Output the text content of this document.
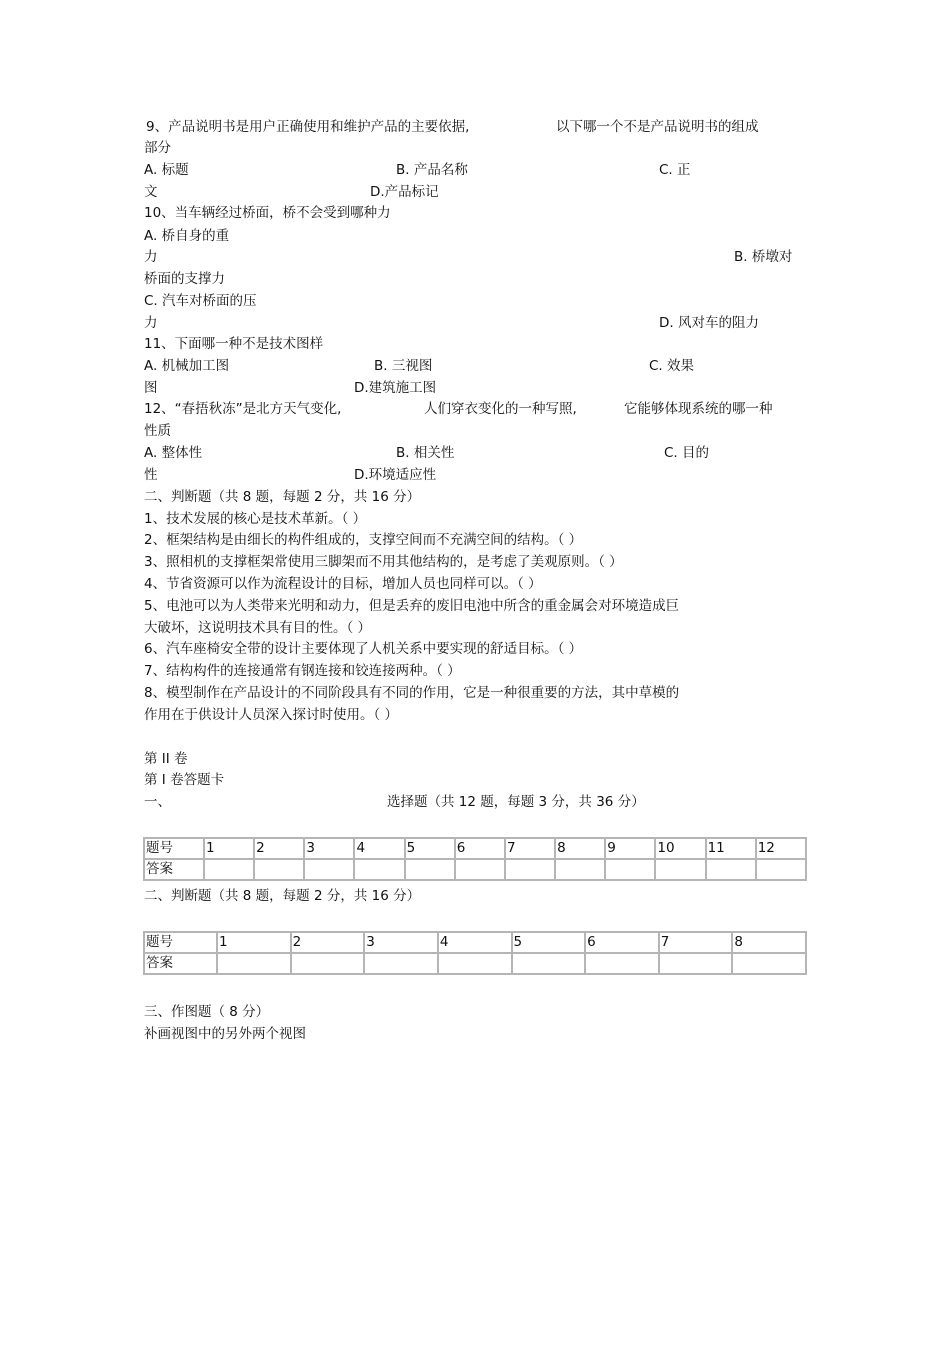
9、产品说明书是用户正确使用和维护产品的主要依据,	以下哪一个不是产品说明书的组成
部分
A. 标题	B. 产品名称	C. 正
文	D.产品标记
10、当车辆经过桥面，桥不会受到哪种力
A. 桥自身的重
力	B. 桥墩对
桥面的支撑力
C. 汽车对桥面的压
力	D. 风对车的阻力
11、下面哪一种不是技术图样
A. 机械加工图	B. 三视图	C. 效果
图	D.建筑施工图
12、“春捂秋冻”是北方天气变化,	人们穿衣变化的一种写照,	它能够体现系统的哪一种
性质
A. 整体性	B. 相关性	C. 目的
性	D.环境适应性
二、判断题（共 8 题，每题 2 分，共 16 分）
1、技术发展的核心是技术革新。（ ）
2、框架结构是由细长的构件组成的，支撑空间而不充满空间的结构。（ ）
3、照相机的支撑框架常使用三脚架而不用其他结构的，是考虑了美观原则。（ ）
4、节省资源可以作为流程设计的目标，增加人员也同样可以。（ ）
5、电池可以为人类带来光明和动力，但是丢弃的废旧电池中所含的重金属会对环境造成巨
大破坏，这说明技术具有目的性。（ ）
6、汽车座椅安全带的设计主要体现了人机关系中要实现的舒适目标。（ ）
7、结构构件的连接通常有钢连接和铰连接两种。（ ）
8、模型制作在产品设计的不同阶段具有不同的作用，它是一种很重要的方法，其中草模的
作用在于供设计人员深入探讨时使用。（ ）
第 II 卷
第 I 卷答题卡
一、	选择题（共 12 题，每题 3 分，共 36 分）
题号	1	2	3	4	5	6	7	8	9	10	11	12
答案												
二、判断题（共 8 题，每题 2 分，共 16 分）
题号	1	2	3	4	5	6	7	8
答案								
三、作图题（ 8 分）
补画视图中的另外两个视图
